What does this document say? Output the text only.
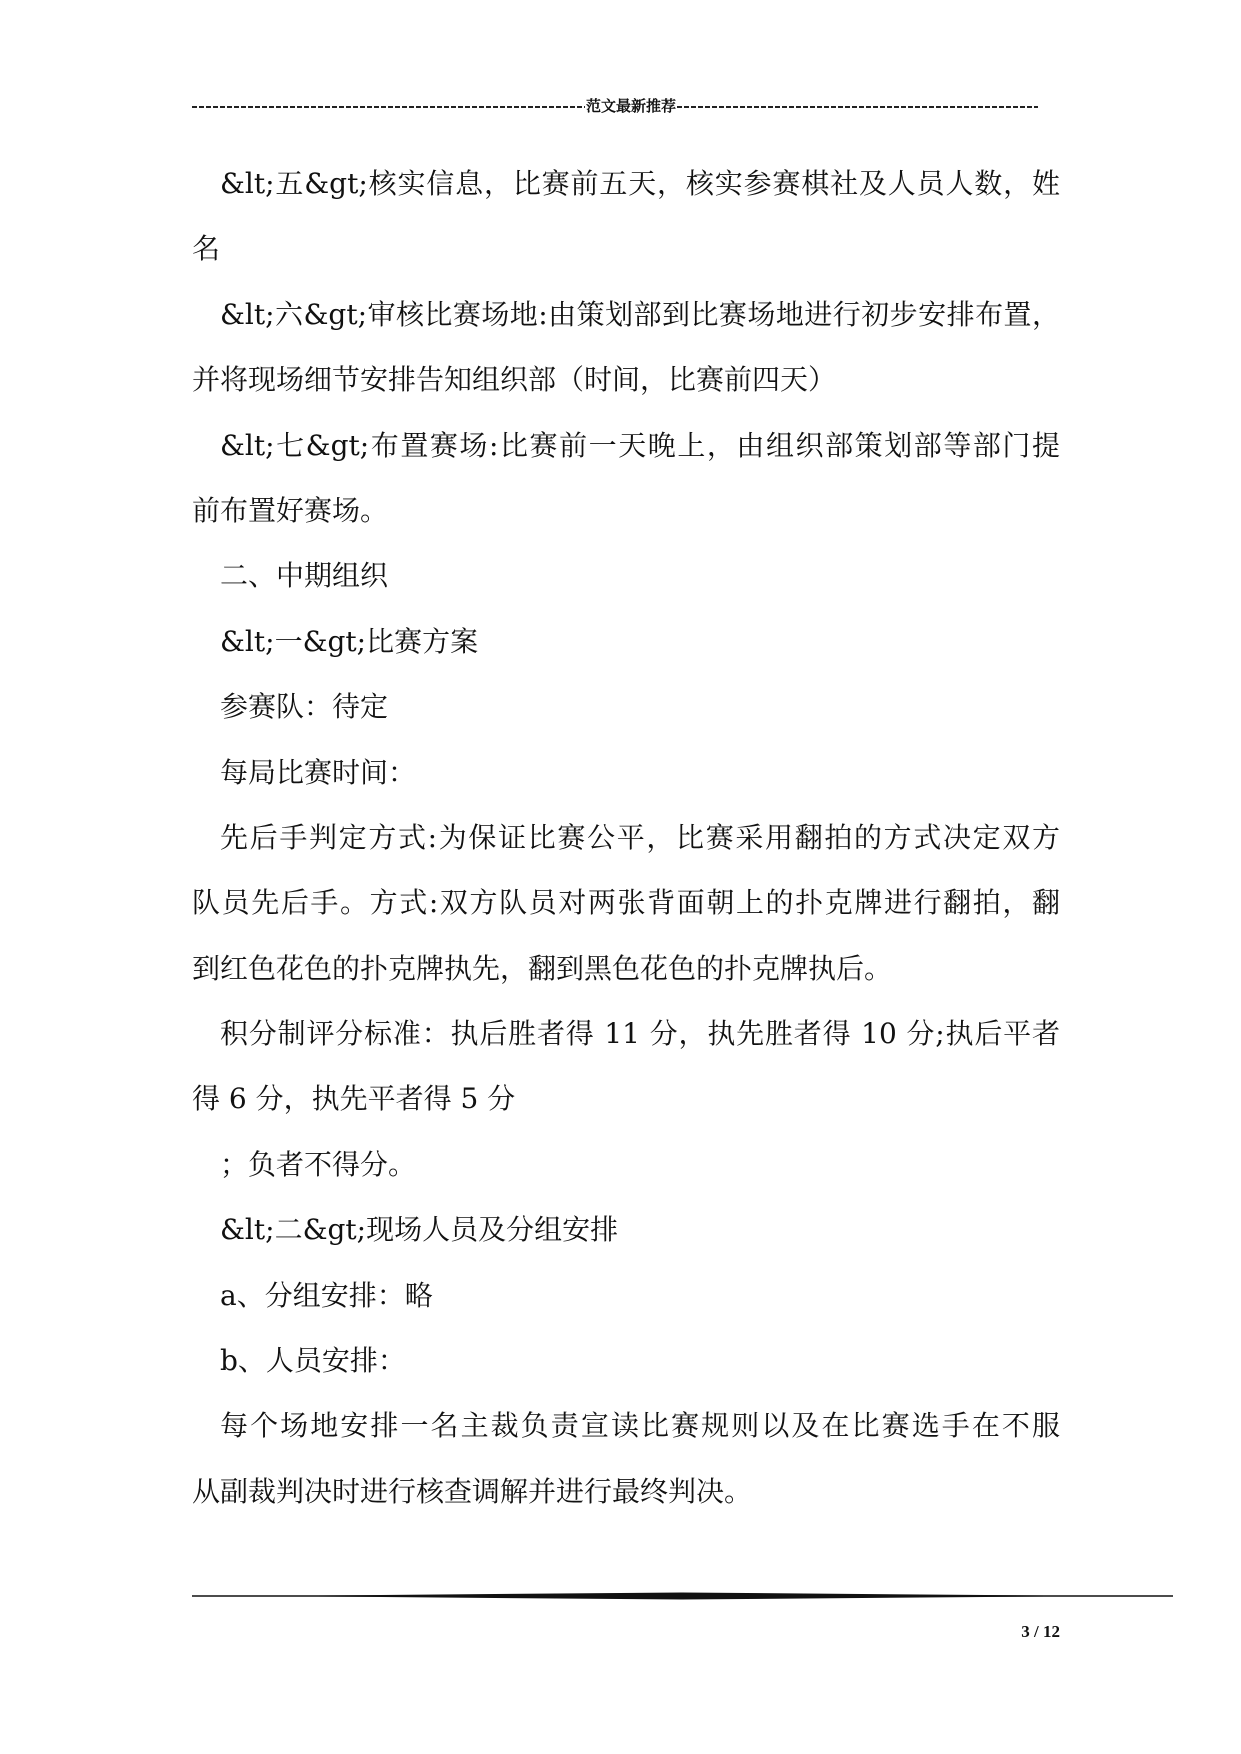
范文最新推荐
&lt;五&gt;核实信息，比赛前五天，核实参赛棋社及人员人数，姓
名
&lt;六&gt;审核比赛场地:由策划部到比赛场地进行初步安排布置，
并将现场细节安排告知组织部（时间，比赛前四天）
&lt;七&gt;布置赛场:比赛前一天晚上，由组织部策划部等部门提
前布置好赛场。
二、中期组织
&lt;一&gt;比赛方案
参赛队：待定
每局比赛时间：
先后手判定方式:为保证比赛公平，比赛采用翻拍的方式决定双方
队员先后手。方式:双方队员对两张背面朝上的扑克牌进行翻拍，翻
到红色花色的扑克牌执先，翻到黑色花色的扑克牌执后。
积分制评分标准：执后胜者得 11 分，执先胜者得 10 分;执后平者
得 6 分，执先平者得 5 分
；负者不得分。
&lt;二&gt;现场人员及分组安排
a、分组安排：略
b、人员安排：
每个场地安排一名主裁负责宣读比赛规则以及在比赛选手在不服
从副裁判决时进行核查调解并进行最终判决。
3 / 12
